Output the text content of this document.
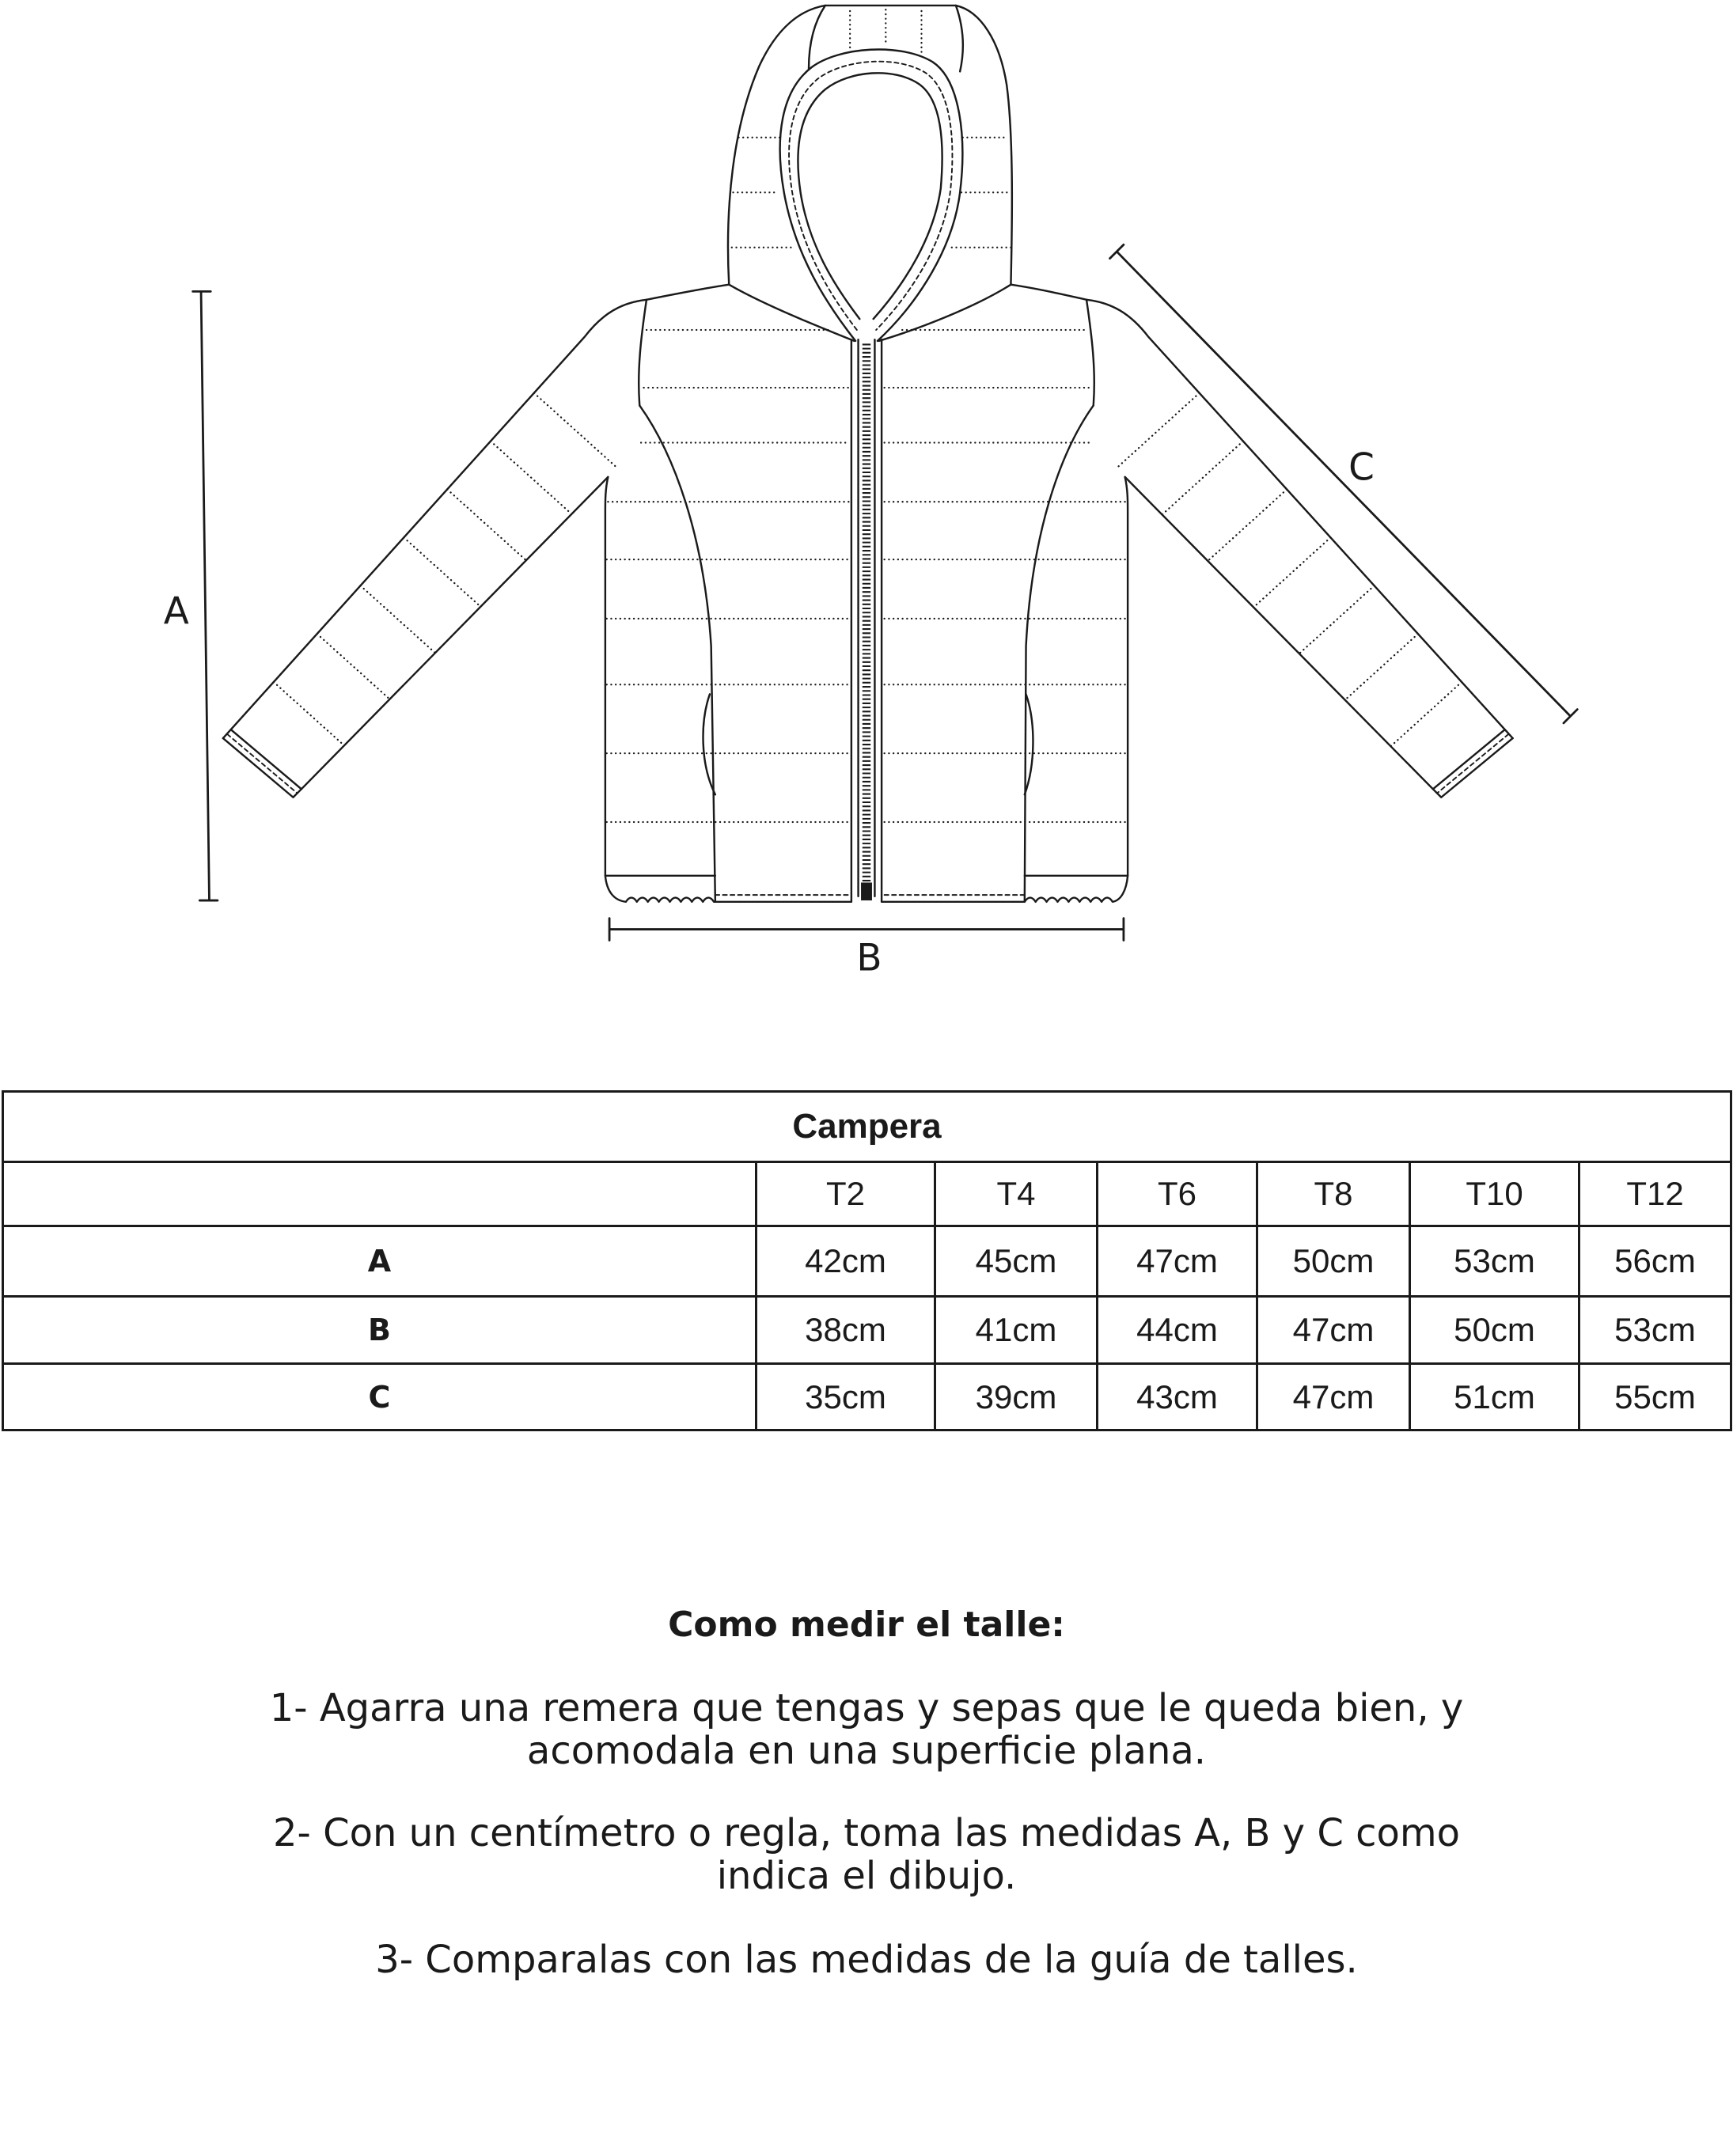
A
B
C
Campera						
	T2	T4	T6	T8	T10	T12
A	42cm	45cm	47cm	50cm	53cm	56cm
B	38cm	41cm	44cm	47cm	50cm	53cm
C	35cm	39cm	43cm	47cm	51cm	55cm
Como medir el talle:
1- Agarra una remera que tengas y sepas que le queda bien, y
acomodala en una superficie plana.
2- Con un centímetro o regla, toma las medidas A, B y C como
indica el dibujo.
3- Comparalas con las medidas de la guía de talles.
